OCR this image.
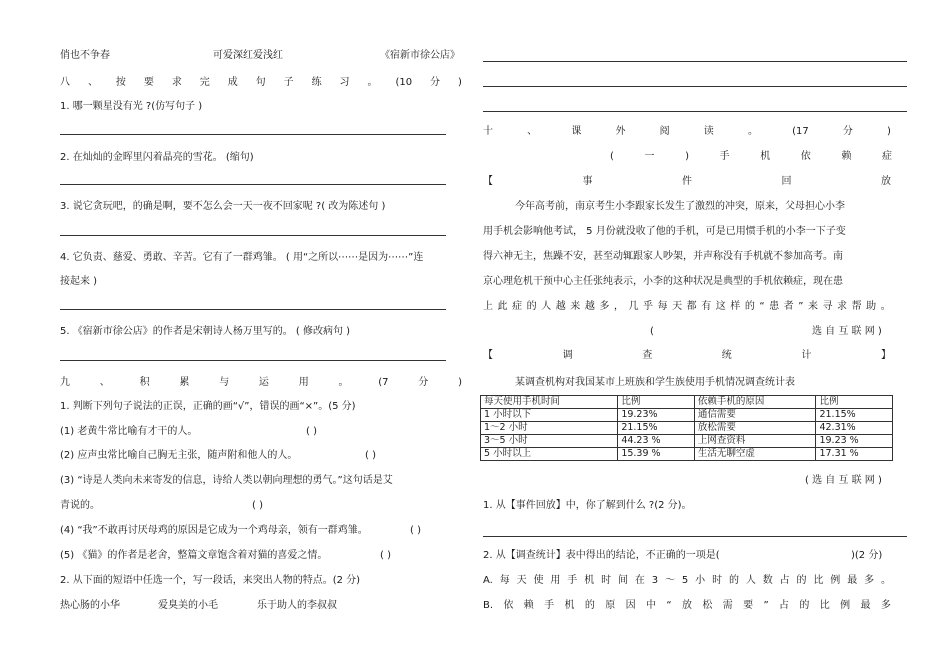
俏也不争春	可爱深红爱浅红	《宿新市徐公店》
八 、 按 要 求 完 成 句 子 练 习 。 (10 分 )
1. 哪一颗星没有光 ?(仿写句子 )
2. 在灿灿的金晖里闪着晶亮的雪花。 (缩句)
3. 说它贪玩吧，的确是啊，要不怎么会一天一夜不回家呢 ?( 改为陈述句 )
4. 它负责、慈爱、勇敢、辛苦。它有了一群鸡雏。 ( 用“之所以⋯⋯是因为⋯⋯”连
接起来 )
5. 《宿新市徐公店》的作者是宋朝诗人杨万里写的。 ( 修改病句 )
九	、	积	累	与	运	用	。	(7	分	)
1. 判断下列句子说法的正误，正确的画“√”，错误的画“×”。(5 分)
(1) 老黄牛常比喻有才干的人。	( )
(2) 应声虫常比喻自己胸无主张，随声附和他人的人。	( )
(3) “诗是人类向未来寄发的信息，诗给人类以朝向理想的勇气。”这句话是艾
青说的。	( )
(4) “我”不敢再讨厌母鸡的原因是它成为一个鸡母亲，领有一群鸡雏。	( )
(5) 《猫》的作者是老舍，整篇文章饱含着对猫的喜爱之情。	( )
2. 从下面的短语中任选一个，写一段话，来突出人物的特点。(2 分)
热心肠的小华	爱臭美的小毛	乐于助人的李叔叔
十	、	课	外	阅	读	。	(17	分	)
(	一	)	手	机	依	赖	症
【	事	件	回	放
今年高考前，南京考生小李跟家长发生了激烈的冲突，原来，父母担心小李
用手机会影响他考试， 5 月份就没收了他的手机，可是已用惯手机的小李一下子变
得六神无主，焦躁不安，甚至动辄跟家人吵架，并声称没有手机就不参加高考。南
京心理危机干预中心主任张纯表示，小李的这种状况是典型的手机依赖症，现在患
上 此 症 的 人 越 来 越 多 ， 几 乎 每 天 都 有 这 样 的 “ 患 者 ” 来 寻 求 帮 助 。
(	选 自 互 联 网 )
【	调	查	统	计	】
某调查机构对我国某市上班族和学生族使用手机情况调查统计表
每天使用手机时间	比例	依赖手机的原因	比例
1 小时以下	19.23%	通信需要	21.15%
1～2 小时	21.15%	放松需要	42.31%
3～5 小时	44.23 %	上网查资料	19.23 %
5 小时以上	15.39 %	生活无聊空虚	17.31 %
( 选 自 互 联 网 )
1. 从【事件回放】中，你了解到什么 ?(2 分)。
2. 从【调查统计】表中得出的结论，不正确的一项是(	)(2 分)
A. 每 天 使 用 手 机 时 间 在 3 ～ 5 小 时 的 人 数 占 的 比 例 最 多 。
B. 依 赖 手 机 的 原 因 中 “ 放 松 需 要 ” 占 的 比 例 最 多
